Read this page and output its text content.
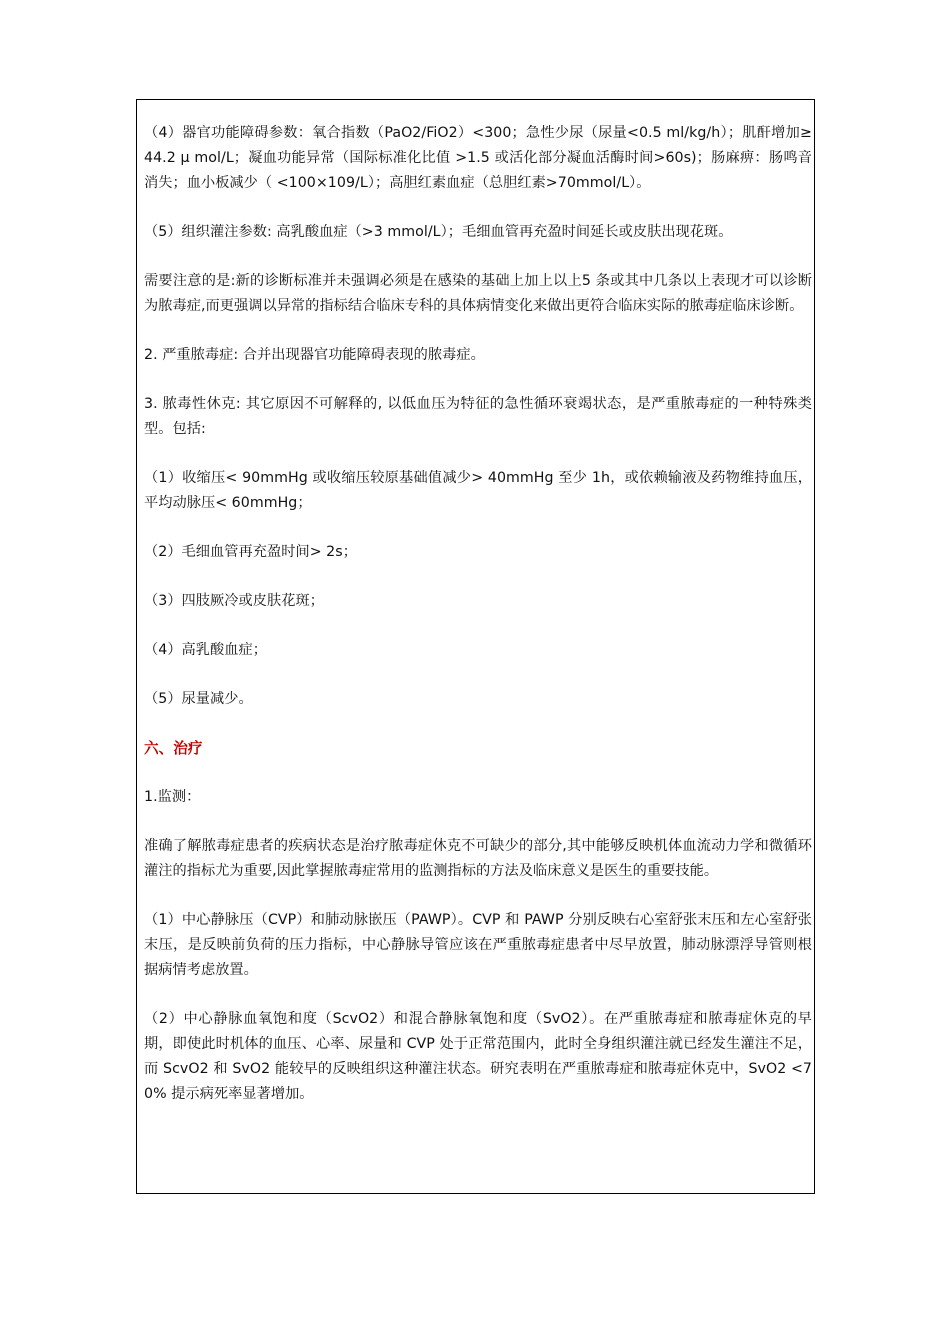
（4）器官功能障碍参数：氧合指数（PaO2/FiO2）<300；急性少尿（尿量<0.5 ml/kg/h）；肌酐增加≥ 44.2 μ mol/L；凝血功能异常（国际标准化比值 >1.5 或活化部分凝血活酶时间>60s)；肠麻痹：肠鸣音消失；血小板减少（ <100×109/L）；高胆红素血症（总胆红素>70mmol/L）。

（5）组织灌注参数: 高乳酸血症（>3 mmol/L）；毛细血管再充盈时间延长或皮肤出现花斑。

需要注意的是:新的诊断标准并未强调必须是在感染的基础上加上以上5 条或其中几条以上表现才可以诊断为脓毒症,而更强调以异常的指标结合临床专科的具体病情变化来做出更符合临床实际的脓毒症临床诊断。

2. 严重脓毒症: 合并出现器官功能障碍表现的脓毒症。

3. 脓毒性休克: 其它原因不可解释的, 以低血压为特征的急性循环衰竭状态，是严重脓毒症的一种特殊类型。包括:

（1）收缩压< 90mmHg 或收缩压较原基础值减少> 40mmHg 至少 1h，或依赖输液及药物维持血压，平均动脉压< 60mmHg；

（2）毛细血管再充盈时间> 2s；

（3）四肢厥冷或皮肤花斑；

（4）高乳酸血症；

（5）尿量减少。

六、治疗

1.监测：

准确了解脓毒症患者的疾病状态是治疗脓毒症休克不可缺少的部分,其中能够反映机体血流动力学和微循环灌注的指标尤为重要,因此掌握脓毒症常用的监测指标的方法及临床意义是医生的重要技能。

（1）中心静脉压（CVP）和肺动脉嵌压（PAWP）。CVP 和 PAWP 分别反映右心室舒张末压和左心室舒张末压，是反映前负荷的压力指标，中心静脉导管应该在严重脓毒症患者中尽早放置，肺动脉漂浮导管则根据病情考虑放置。

（2）中心静脉血氧饱和度（ScvO2）和混合静脉氧饱和度（SvO2）。在严重脓毒症和脓毒症休克的早期，即使此时机体的血压、心率、尿量和 CVP 处于正常范围内，此时全身组织灌注就已经发生灌注不足，而 ScvO2 和 SvO2 能较早的反映组织这种灌注状态。研究表明在严重脓毒症和脓毒症休克中，SvO2 <70% 提示病死率显著增加。
